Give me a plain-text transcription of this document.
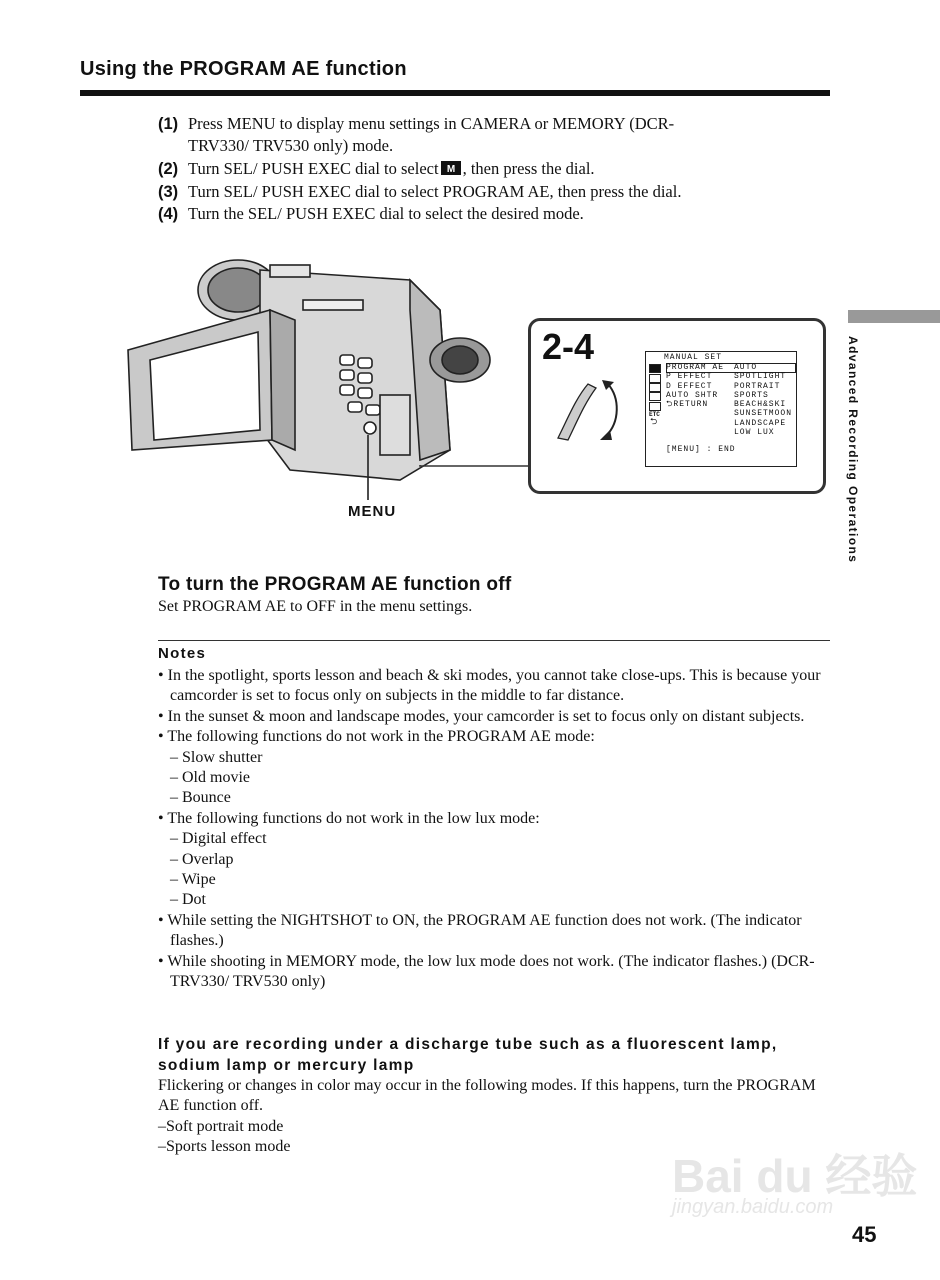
Using the PROGRAM AE function
(1) Press MENU to display menu settings in CAMERA or MEMORY (DCR-
TRV330/ TRV530 only) mode.
(2) Turn SEL/ PUSH EXEC dial to select M , then press the dial.
(3) Turn SEL/ PUSH EXEC dial to select PROGRAM AE, then press the dial.
(4) Turn the SEL/ PUSH EXEC dial to select the desired mode.
Advanced Recording Operations
MENU
2-4	MANUAL SET
ETC
⮌
PROGRAM AE
P EFFECT
D EFFECT
AUTO SHTR
⮌RETURN
AUTO
SPOTLIGHT
PORTRAIT
SPORTS
BEACH&SKI
SUNSETMOON
LANDSCAPE
LOW LUX
[MENU] : END
To turn the PROGRAM AE function off
Set PROGRAM AE to OFF in the menu settings.
Notes
• In the spotlight, sports lesson and beach & ski modes, you cannot take close-ups. This is because your camcorder is set to focus only on subjects in the middle to far distance.
• In the sunset & moon and landscape modes, your camcorder is set to focus only on distant subjects.
• The following functions do not work in the PROGRAM AE mode:
– Slow shutter
– Old movie
– Bounce
• The following functions do not work in the low lux mode:
– Digital effect
– Overlap
– Wipe
– Dot
• While setting the NIGHTSHOT to ON, the PROGRAM AE function does not work. (The indicator flashes.)
• While shooting in MEMORY mode, the low lux mode does not work. (The indicator flashes.) (DCR-TRV330/ TRV530 only)
If you are recording under a discharge tube such as a fluorescent lamp, sodium lamp or mercury lamp
Flickering or changes in color may occur in the following modes. If this happens, turn the PROGRAM AE function off.
–Soft portrait mode
–Sports lesson mode
Bai du 经验
jingyan.baidu.com
45
